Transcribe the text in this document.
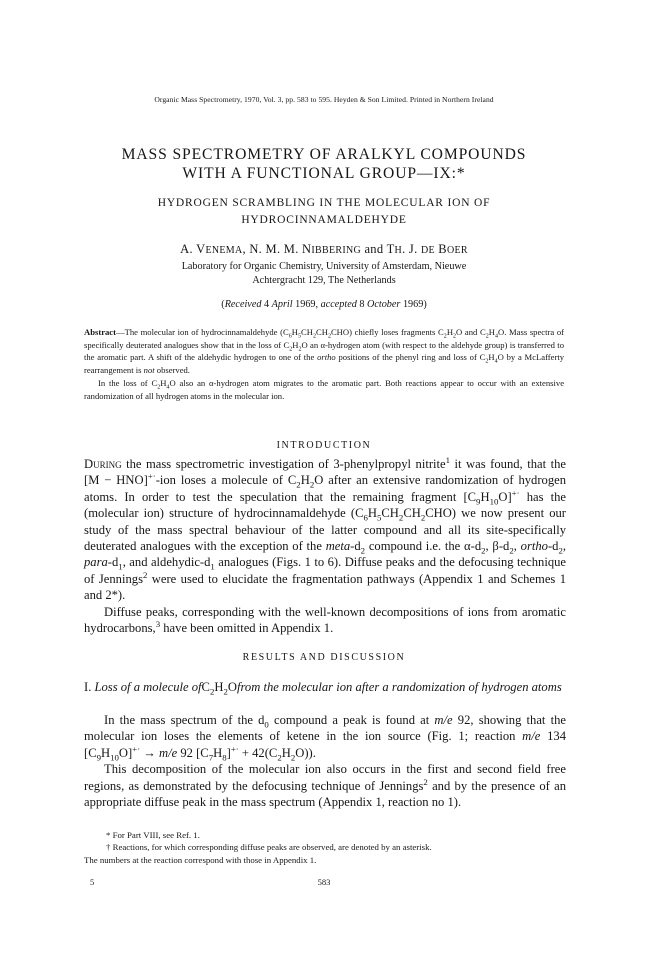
Organic Mass Spectrometry, 1970, Vol. 3, pp. 583 to 595. Heyden & Son Limited. Printed in Northern Ireland
MASS SPECTROMETRY OF ARALKYL COMPOUNDS
WITH A FUNCTIONAL GROUP—IX:*
HYDROGEN SCRAMBLING IN THE MOLECULAR ION OF
HYDROCINNAMALDEHYDE
A. VENEMA, N. M. M. NIBBERING and TH. J. DE BOER
Laboratory for Organic Chemistry, University of Amsterdam, Nieuwe
Achtergracht 129, The Netherlands
(Received 4 April 1969, accepted 8 October 1969)

Abstract—The molecular ion of hydrocinnamaldehyde $(C_6H_5CH_2CH_2CHO)$ chiefly loses fragments $C_2H_2O$ and $C_2H_4O$. Mass spectra of specifically deuterated analogues show that in the loss of $C_2H_2O$ an α-hydrogen atom (with respect to the aldehyde group) is transferred to the aromatic part. A shift of the aldehydic hydrogen to one of the ortho positions of the phenyl ring and loss of $C_2H_4O$ by a McLafferty rearrangement is not observed.

In the loss of $C_2H_4O$ also an α-hydrogen atom migrates to the aromatic part. Both reactions appear to occur with an extensive randomization of all hydrogen atoms in the molecular ion.

INTRODUCTION

During the mass spectrometric investigation of 3-phenylpropyl nitrite$^1$ it was found, that the [M − HNO]+·-ion loses a molecule of $C_2H_2O$ after an extensive randomization of hydrogen atoms. In order to test the speculation that the remaining fragment $[C_9H_{10}O]^{+\cdot}$ has the (molecular ion) structure of hydrocinnamaldehyde $(C_6H_5CH_2CH_2CHO)$ we now present our study of the mass spectral behaviour of the latter compound and all its site-specifically deuterated analogues with the exception of the meta-$d_2$ compound i.e. the $\alpha-d_2$, $\beta-d_2$, ortho-$d_2$, para-$d_1$, and aldehydic-$d_1$ analogues (Figs. 1 to 6). Diffuse peaks and the defocusing technique of Jennings$^2$ were used to elucidate the fragmentation pathways (Appendix 1 and Schemes 1 and 2*).

Diffuse peaks, corresponding with the well-known decompositions of ions from aromatic hydrocarbons,$^3$ have been omitted in Appendix 1.

RESULTS AND DISCUSSION
I. Loss of a molecule $ofC_2H_2Ofrom$ the molecular ion after a randomization of hydrogen atoms

In the mass spectrum of the $d_0$ compound a peak is found at m/e 92, showing that the molecular ion loses the elements of ketene in the ion source (Fig. 1; reaction m/e 134 $[C_9H_{10}O]^{+\cdot} \to m/e$ 92 $[C_7H_8]^{+\cdot} + 42(C_2H_2O)$).

This decomposition of the molecular ion also occurs in the first and second field free regions, as demonstrated by the defocusing technique of Jennings$^2$ and by the presence of an appropriate diffuse peak in the mass spectrum (Appendix 1, reaction no 1).

* For Part VIII, see Ref. 1.

† Reactions, for which corresponding diffuse peaks are observed, are denoted by an asterisk.

The numbers at the reaction correspond with those in Appendix 1.

5	583
